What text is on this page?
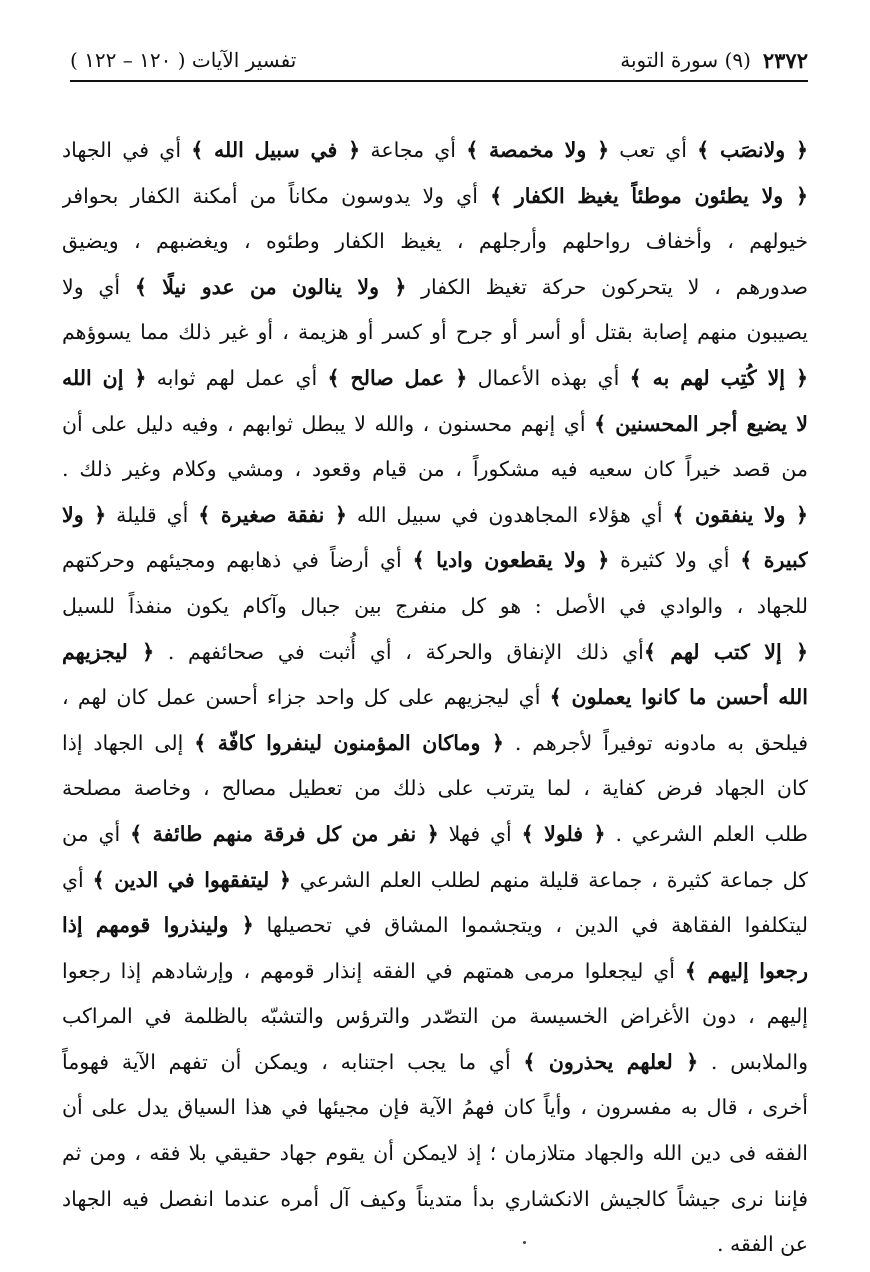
٢٣٧٢
(٩) سورة التوبة
تفسير الآيات ( ١٢٠ – ١٢٢ )
﴿ ولانصَب ﴾ أي تعب ﴿ ولا مخمصة ﴾ أي مجاعة ﴿ في سبيل الله ﴾ أي في الجهاد
﴿ ولا يطئون موطئاً يغيظ الكفار ﴾ أي ولا يدوسون مكاناً من أمكنة الكفار بحوافر
خيولهم ، وأخفاف رواحلهم وأرجلهم ، يغيظ الكفار وطئوه ، ويغضبهم ، ويضيق
صدورهم ، لا يتحركون حركة تغيظ الكفار ﴿ ولا ينالون من عدو نيلًا ﴾ أي ولا
يصيبون منهم إصابة بقتل أو أسر أو جرح أو كسر أو هزيمة ، أو غير ذلك مما يسوؤهم
﴿ إلا كُتِب لهم به ﴾ أي بهذه الأعمال ﴿ عمل صالح ﴾ أي عمل لهم ثوابه ﴿ إن الله
لا يضيع أجر المحسنين ﴾ أي إنهم محسنون ، والله لا يبطل ثوابهم ، وفيه دليل على أن
من قصد خيراً كان سعيه فيه مشكوراً ، من قيام وقعود ، ومشي وكلام وغير ذلك .
﴿ ولا ينفقون ﴾ أي هؤلاء المجاهدون في سبيل الله ﴿ نفقة صغيرة ﴾ أي قليلة ﴿ ولا
كبيرة ﴾ أي ولا كثيرة ﴿ ولا يقطعون واديا ﴾ أي أرضاً في ذهابهم ومجيئهم وحركتهم
للجهاد ، والوادي في الأصل : هو كل منفرج بين جبال وآكام يكون منفذاً للسيل
﴿ إلا كتب لهم ﴾أي ذلك الإنفاق والحركة ، أي أُثبت في صحائفهم . ﴿ ليجزيهم
الله أحسن ما كانوا يعملون ﴾ أي ليجزيهم على كل واحد جزاء أحسن عمل كان لهم ،
فيلحق به مادونه توفيراً لأجرهم . ﴿ وماكان المؤمنون لينفروا كافّة ﴾ إلى الجهاد إذا
كان الجهاد فرض كفاية ، لما يترتب على ذلك من تعطيل مصالح ، وخاصة مصلحة
طلب العلم الشرعي . ﴿ فلولا ﴾ أي فهلا ﴿ نفر من كل فرقة منهم طائفة ﴾ أي من
كل جماعة كثيرة ، جماعة قليلة منهم لطلب العلم الشرعي ﴿ ليتفقهوا في الدين ﴾ أي
ليتكلفوا الفقاهة في الدين ، ويتجشموا المشاق في تحصيلها ﴿ ولينذروا قومهم إذا
رجعوا إليهم ﴾ أي ليجعلوا مرمى همتهم في الفقه إنذار قومهم ، وإرشادهم إذا رجعوا
إليهم ، دون الأغراض الخسيسة من التصّدر والترؤس والتشبّه بالظلمة في المراكب
والملابس . ﴿ لعلهم يحذرون ﴾ أي ما يجب اجتنابه ، ويمكن أن تفهم الآية فهوماً
أخرى ، قال به مفسرون ، وأياً كان فهمُ الآية فإن مجيئها في هذا السياق يدل على أن
الفقه فى دين الله والجهاد متلازمان ؛ إذ لايمكن أن يقوم جهاد حقيقي بلا فقه ، ومن ثم
فإننا نرى جيشاً كالجيش الانكشاري بدأ متديناً وكيف آل أمره عندما انفصل فيه الجهاد
عن الفقه .
